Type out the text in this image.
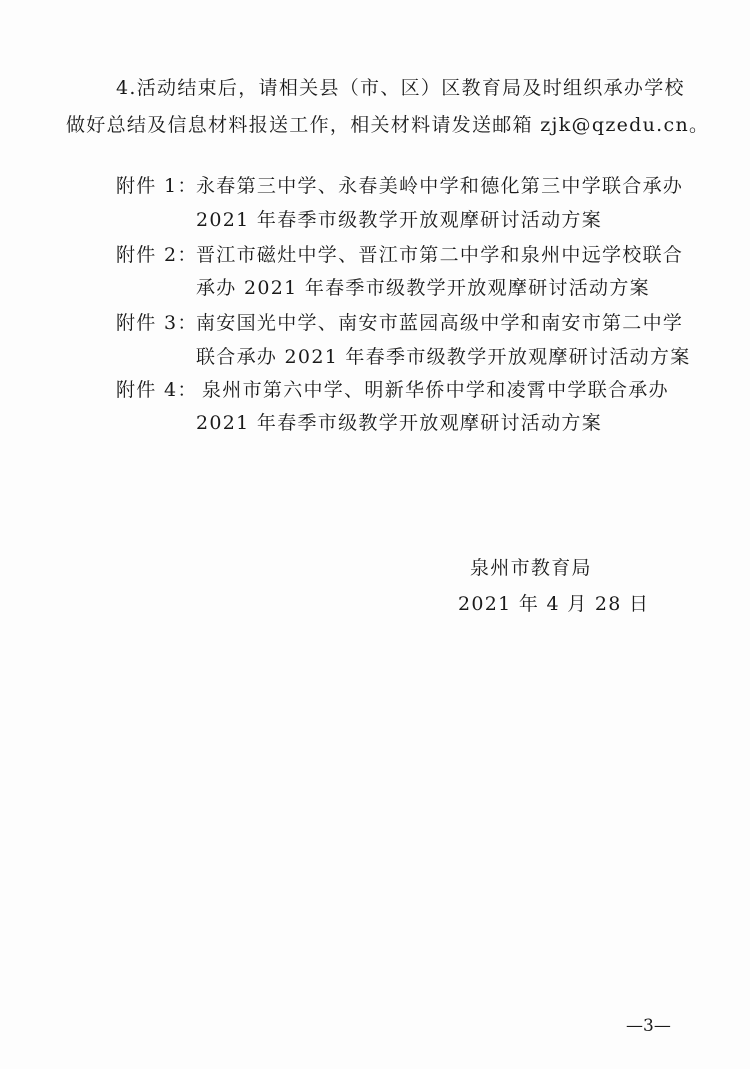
4.活动结束后，请相关县（市、区）区教育局及时组织承办学校
做好总结及信息材料报送工作，相关材料请发送邮箱 zjk@qzedu.cn。
附件 1：
永春第三中学、永春美岭中学和德化第三中学联合承办
2021 年春季市级教学开放观摩研讨活动方案
附件 2：
晋江市磁灶中学、晋江市第二中学和泉州中远学校联合
承办 2021 年春季市级教学开放观摩研讨活动方案
附件 3：
南安国光中学、南安市蓝园高级中学和南安市第二中学
联合承办 2021 年春季市级教学开放观摩研讨活动方案
附件 4： 泉州市第六中学、明新华侨中学和凌霄中学联合承办
2021 年春季市级教学开放观摩研讨活动方案
泉州市教育局
2021 年 4 月 28 日
—3—
